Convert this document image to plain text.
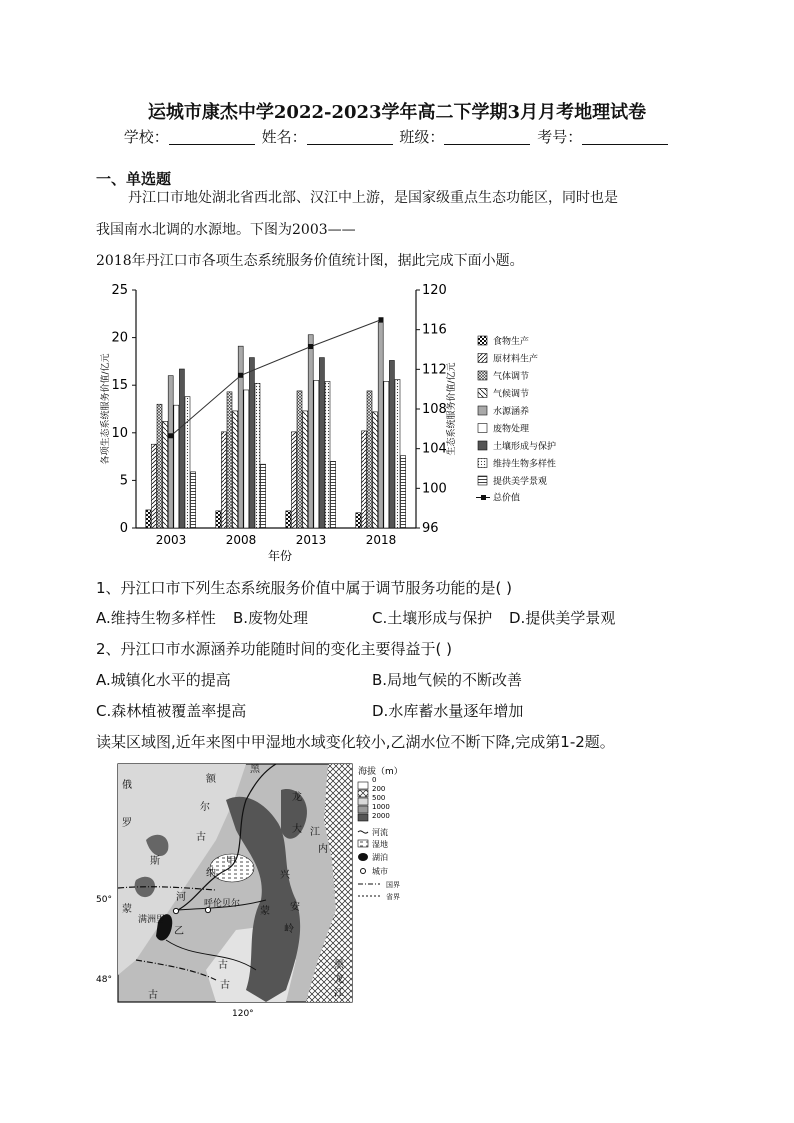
运城市康杰中学2022-2023学年高二下学期3月月考地理试卷
学校：	姓名：	班级：	考号：
一、单选题
丹江口市地处湖北省西北部、汉江中上游，是国家级重点生态功能区，同时也是
我国南水北调的水源地。下图为2003——
2018年丹江口市各项生态系统服务价值统计图，据此完成下面小题。
0
5
10
15
20
25
96
100
104
108
112
116
120
各项生态系统服务价值/亿元	生态系统服务价值/亿元
年份
2003	2008	2013	2018
食物生产
原材料生产
气体调节
气候调节
水源涵养
废物处理
土壤形成与保护
维持生物多样性
提供美学景观
总价值
1、丹江口市下列生态系统服务价值中属于调节服务功能的是( )
A.维持生物多样性 B.废物处理	C.土壤形成与保护 D.提供美学景观
2、丹江口市水源涵养功能随时间的变化主要得益于( )
A.城镇化水平的提高	B.局地气候的不断改善
C.森林植被覆盖率提高	D.水库蓄水量逐年增加
读某区域图,近年来图中甲湿地水域变化较小,乙湖水位不断下降,完成第1-2题。
俄
罗
斯
额
尔
古
纳
河
黑
龙
江
大
兴
安
岭
内
蒙
古
甲
乙
满洲里
呼伦贝尔
蒙
古
古
江
龙
黑
50°
48°
120°
海拔（m）
0
200
500
1000
2000
河流
湿地
湖泊
城市
国界
省界
